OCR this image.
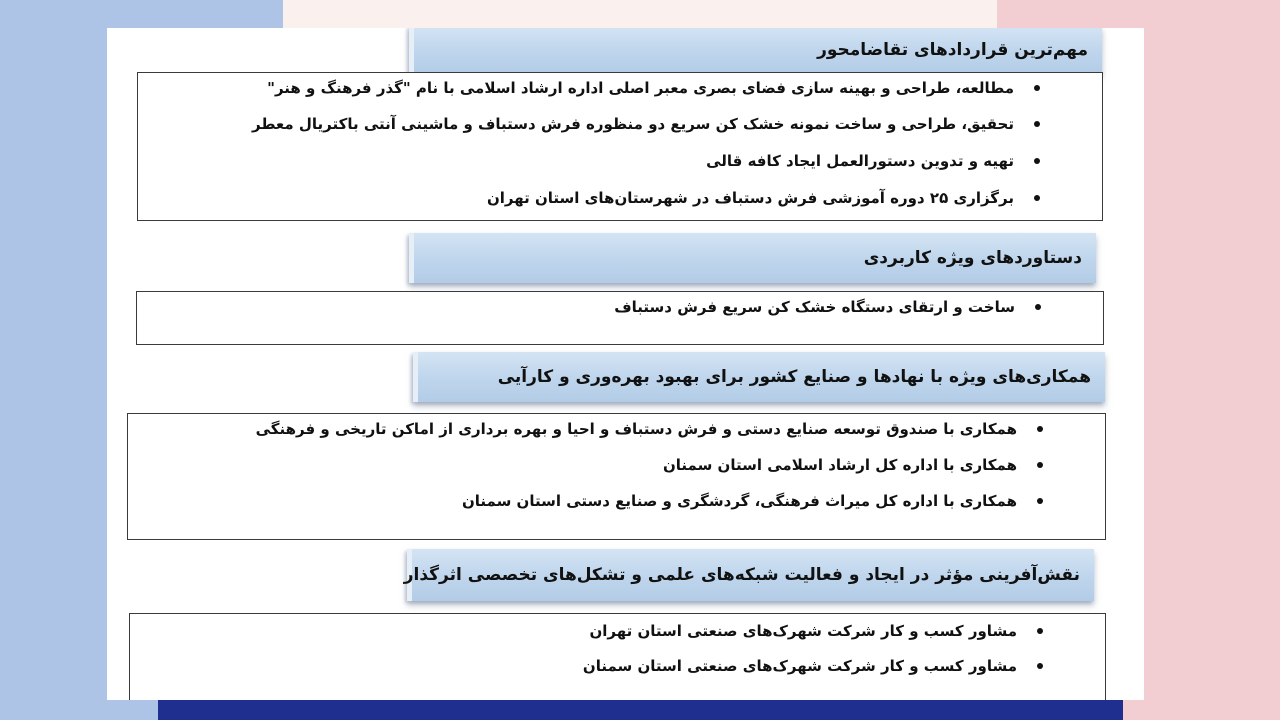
مهم‌ترین قراردادهای تقاضامحور
مطالعه، طراحی و بهینه سازی فضای بصری معبر اصلی اداره ارشاد اسلامی با نام "گذر فرهنگ و هنر"
تحقیق، طراحی و ساخت نمونه خشک کن سریع دو منظوره فرش دستباف و ماشینی آنتی باکتریال معطر
تهیه و تدوین دستورالعمل ایجاد کافه قالی
برگزاری ۲۵ دوره آموزشی فرش دستباف در شهرستان‌های استان تهران
دستاوردهای ویژه کاربردی
ساخت و ارتقای دستگاه خشک کن سریع فرش دستباف
همکاری‌های ویژه با نهادها و صنایع کشور برای بهبود بهره‌وری و کارآیی
همکاری با صندوق توسعه صنایع دستی و فرش دستباف و احیا و بهره برداری از اماکن تاریخی و فرهنگی
همکاری با اداره کل ارشاد اسلامی استان سمنان
همکاری با اداره کل میراث فرهنگی، گردشگری و صنایع دستی استان سمنان
نقش‌آفرینی مؤثر در ایجاد و فعالیت شبکه‌های علمی و تشکل‌های تخصصی اثرگذار
مشاور کسب و کار شرکت شهرک‌های صنعتی استان تهران
مشاور کسب و کار شرکت شهرک‌های صنعتی استان سمنان
